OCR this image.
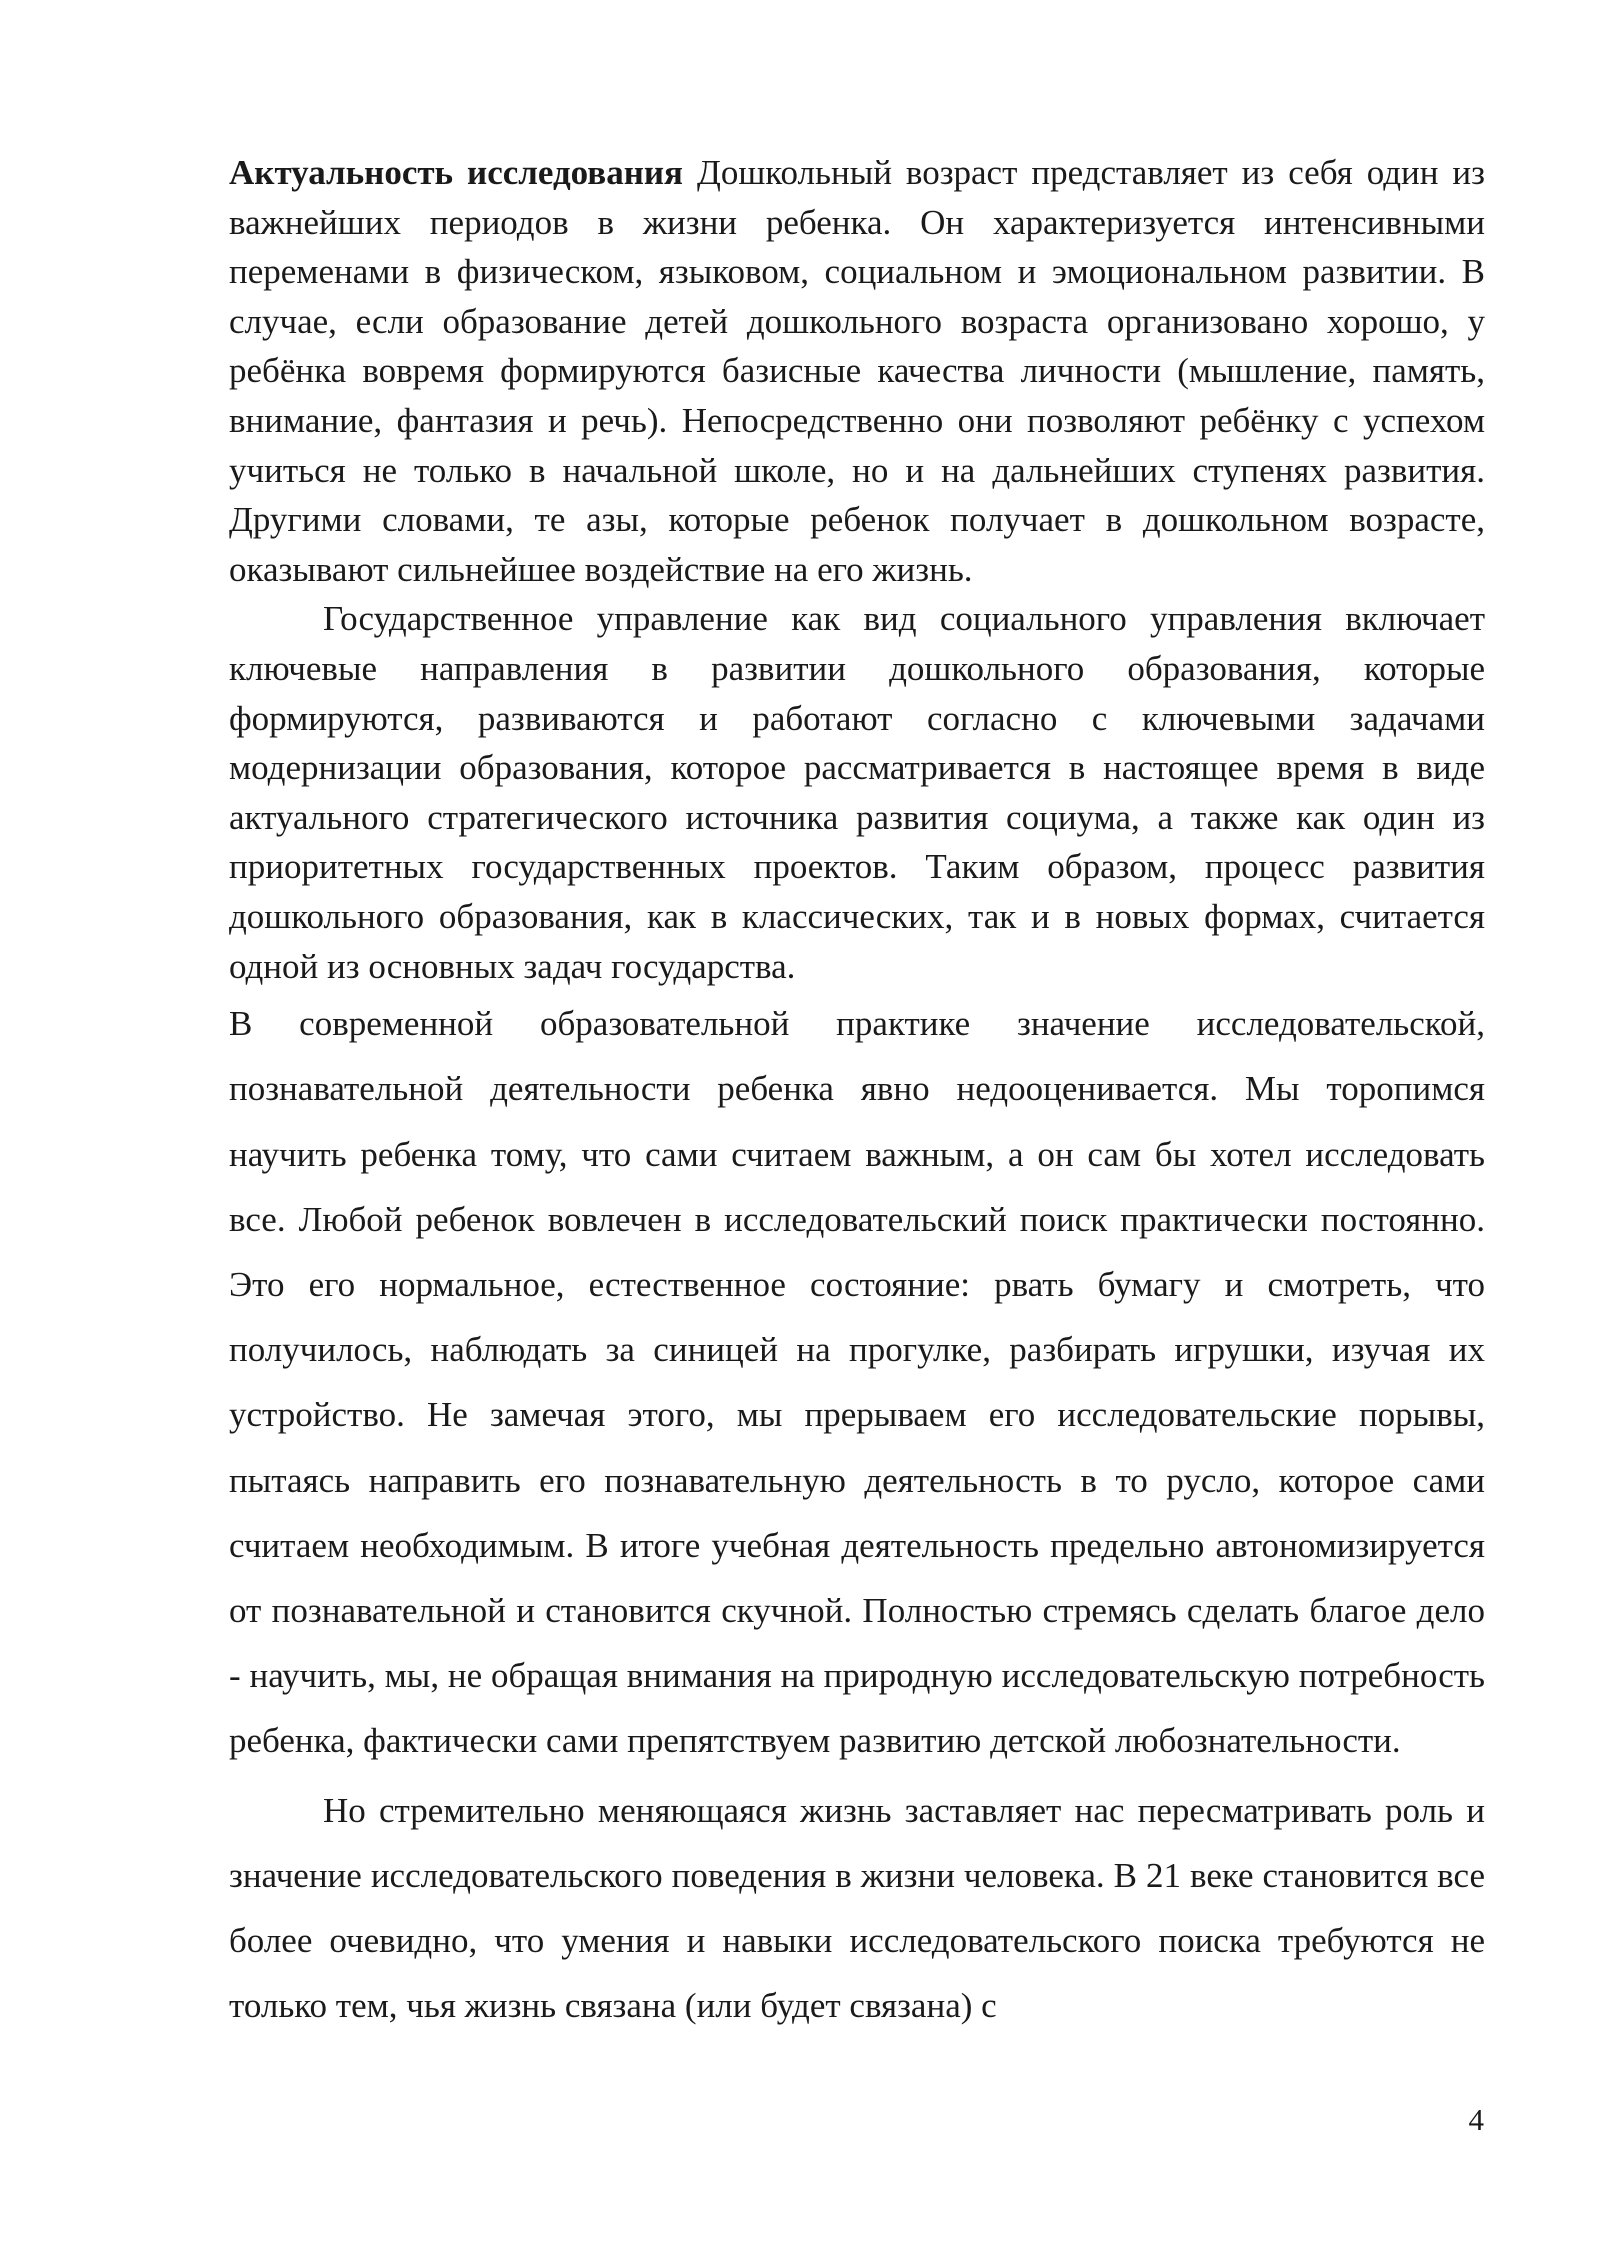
Актуальность исследования Дошкольный возраст представляет из себя один из важнейших периодов в жизни ребенка. Он характеризуется интенсивными переменами в физическом, языковом, социальном и эмоциональном развитии. В случае, если образование детей дошкольного возраста организовано хорошо, у ребёнка вовремя формируются базисные качества личности (мышление, память, внимание, фантазия и речь). Непосредственно они позволяют ребёнку с успехом учиться не только в начальной школе, но и на дальнейших ступенях развития. Другими словами, те азы, которые ребенок получает в дошкольном возрасте, оказывают сильнейшее воздействие на его жизнь.

Государственное управление как вид социального управления включает ключевые направления в развитии дошкольного образования, которые формируются, развиваются и работают согласно с ключевыми задачами модернизации образования, которое рассматривается в настоящее время в виде актуального стратегического источника развития социума, а также как один из приоритетных государственных проектов. Таким образом, процесс развития дошкольного образования, как в классических, так и в новых формах, считается одной из основных задач государства.

В современной образовательной практике значение исследовательской, познавательной деятельности ребенка явно недооценивается. Мы торопимся научить ребенка тому, что сами считаем важным, а он сам бы хотел исследовать все. Любой ребенок вовлечен в исследовательский поиск практически постоянно. Это его нормальное, естественное состояние: рвать бумагу и смотреть, что получилось, наблюдать за синицей на прогулке, разбирать игрушки, изучая их устройство. Не замечая этого, мы прерываем его исследовательские порывы, пытаясь направить его познавательную деятельность в то русло, которое сами считаем необходимым. В итоге учебная деятельность предельно автономизируется от познавательной и становится скучной. Полностью стремясь сделать благое дело - научить, мы, не обращая внимания на природную исследовательскую потребность ребенка, фактически сами препятствуем развитию детской любознательности.

Но стремительно меняющаяся жизнь заставляет нас пересматривать роль и значение исследовательского поведения в жизни человека. В 21 веке становится все более очевидно, что умения и навыки исследовательского поиска требуются не только тем, чья жизнь связана (или будет связана) с

4
